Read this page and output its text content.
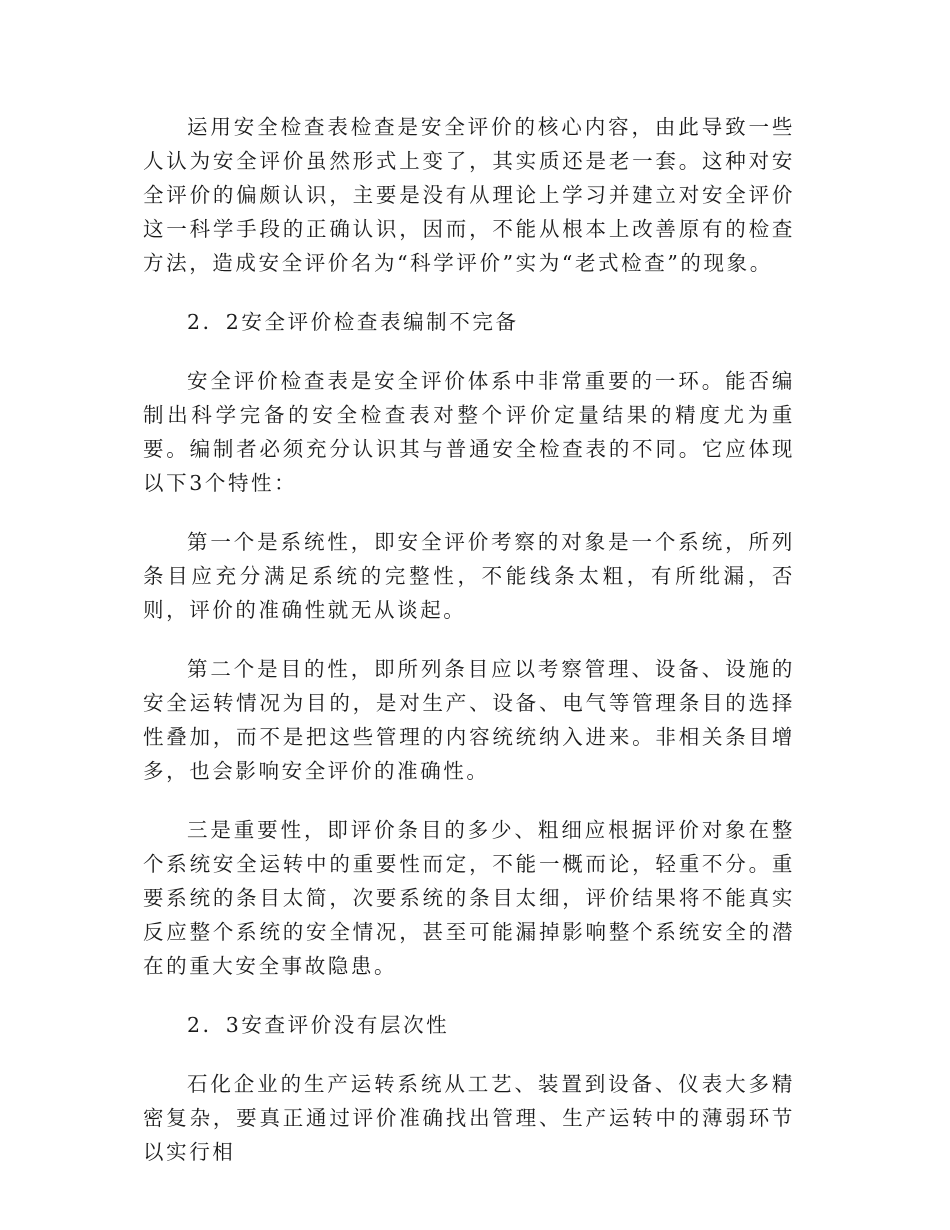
运用安全检查表检查是安全评价的核心内容，由此导致一些人认为安全评价虽然形式上变了，其实质还是老一套。这种对安全评价的偏颇认识，主要是没有从理论上学习并建立对安全评价这一科学手段的正确认识，因而，不能从根本上改善原有的检查方法，造成安全评价名为“科学评价”实为“老式检查”的现象。

2．2安全评价检查表编制不完备

安全评价检查表是安全评价体系中非常重要的一环。能否编制出科学完备的安全检查表对整个评价定量结果的精度尤为重要。编制者必须充分认识其与普通安全检查表的不同。它应体现以下3个特性：

第一个是系统性，即安全评价考察的对象是一个系统，所列条目应充分满足系统的完整性，不能线条太粗，有所纰漏，否则，评价的准确性就无从谈起。

第二个是目的性，即所列条目应以考察管理、设备、设施的安全运转情况为目的，是对生产、设备、电气等管理条目的选择性叠加，而不是把这些管理的内容统统纳入进来。非相关条目增多，也会影响安全评价的准确性。

三是重要性，即评价条目的多少、粗细应根据评价对象在整个系统安全运转中的重要性而定，不能一概而论，轻重不分。重要系统的条目太简，次要系统的条目太细，评价结果将不能真实反应整个系统的安全情况，甚至可能漏掉影响整个系统安全的潜在的重大安全事故隐患。

2．3安查评价没有层次性

石化企业的生产运转系统从工艺、装置到设备、仪表大多精密复杂，要真正通过评价准确找出管理、生产运转中的薄弱环节以实行相
